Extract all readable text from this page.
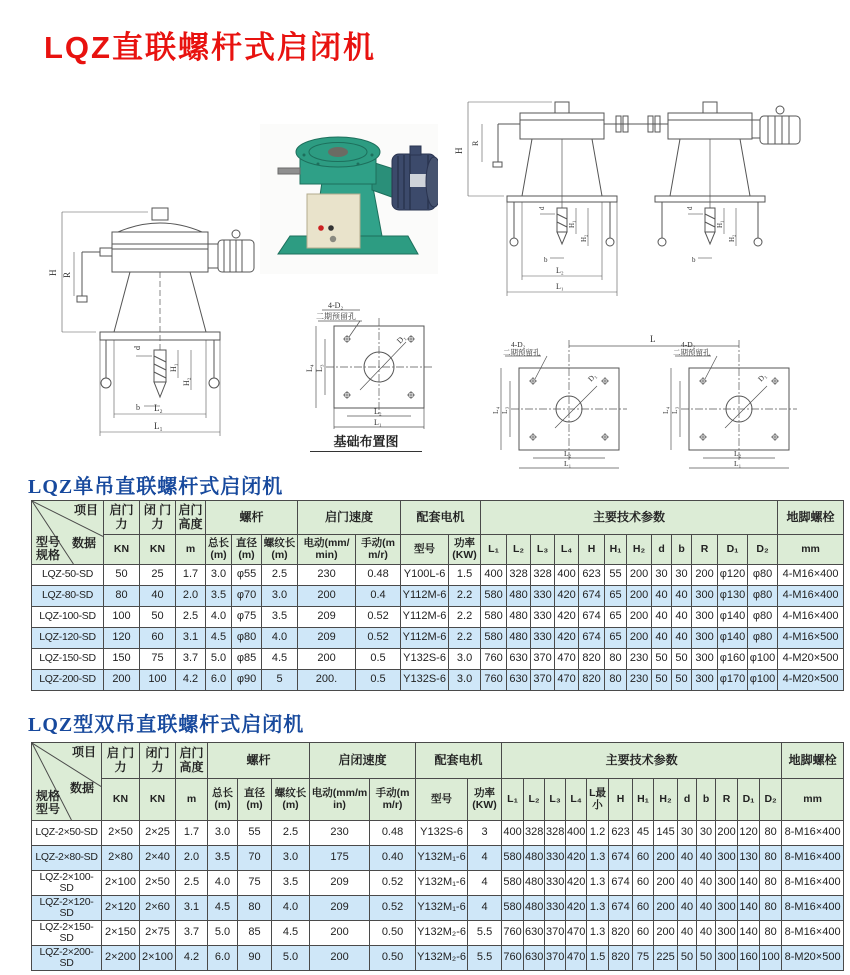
LQZ直联螺杆式启闭机
H R
d
H₁
H₂
b L₂
L₁
H
R
d
H₁
H₂
b
d
H₁
H₂
b
L₂
L₁
4-D₂
二期预留孔
D₁
L₄ L₃
L₂
L₁
基础布置图
L
4-D₂
二期预留孔
4-D₂
二期预留孔
D₁	D₁
L₄ L₃	L₄ L₃
L₂
L₁
L₂
L₁
LQZ单吊直联螺杆式启闭机
项目
数据
型号
规格	启门力	闭 门 力	启门高度	螺杆			启门速度		配套电机		主要技术参数												地脚螺栓
	KN	KN	m	总长(m)	直径(m)	螺纹长(m)	电动(mm/min)	手动(mm/r)	型号	功率(KW)	L₁	L₂	L₃	L₄	H	H₁	H₂	d	b	R	D₁	D₂	mm
LQZ-50-SD	50	25	1.7	3.0	φ55	2.5	230	0.48	Y100L-6	1.5	400	328	328	400	623	55	200	30	30	200	φ120	φ80	4-M16×400
LQZ-80-SD	80	40	2.0	3.5	φ70	3.0	200	0.4	Y112M-6	2.2	580	480	330	420	674	65	200	40	40	300	φ130	φ80	4-M16×400
LQZ-100-SD	100	50	2.5	4.0	φ75	3.5	209	0.52	Y112M-6	2.2	580	480	330	420	674	65	200	40	40	300	φ140	φ80	4-M16×400
LQZ-120-SD	120	60	3.1	4.5	φ80	4.0	209	0.52	Y112M-6	2.2	580	480	330	420	674	65	200	40	40	300	φ140	φ80	4-M16×500
LQZ-150-SD	150	75	3.7	5.0	φ85	4.5	200	0.5	Y132S-6	3.0	760	630	370	470	820	80	230	50	50	300	φ160	φ100	4-M20×500
LQZ-200-SD	200	100	4.2	6.0	φ90	5	200.	0.5	Y132S-6	3.0	760	630	370	470	820	80	230	50	50	300	φ170	φ100	4-M20×500
LQZ型双吊直联螺杆式启闭机
项目
数据
规格
型号	启 门 力	闭门力	启门高度	螺杆			启闭速度		配套电机		主要技术参数													地脚螺栓
	KN	KN	m	总长(m)	直径(m)	螺纹长(m)	电动(mm/min)	手动(mm/r)	型号	功率(KW)	L₁	L₂	L₃	L₄	L最小	H	H₁	H₂	d	b	R	D₁	D₂	mm
LQZ-2×50-SD	2×50	2×25	1.7	3.0	55	2.5	230	0.48	Y132S-6	3	400	328	328	400	1.2	623	45	145	30	30	200	120	80	8-M16×400
LQZ-2×80-SD	2×80	2×40	2.0	3.5	70	3.0	175	0.40	Y132M₁-6	4	580	480	330	420	1.3	674	60	200	40	40	300	130	80	8-M16×400
LQZ-2×100-SD	2×100	2×50	2.5	4.0	75	3.5	209	0.52	Y132M₁-6	4	580	480	330	420	1.3	674	60	200	40	40	300	140	80	8-M16×400
LQZ-2×120-SD	2×120	2×60	3.1	4.5	80	4.0	209	0.52	Y132M₁-6	4	580	480	330	420	1.3	674	60	200	40	40	300	140	80	8-M16×400
LQZ-2×150-SD	2×150	2×75	3.7	5.0	85	4.5	200	0.50	Y132M₂-6	5.5	760	630	370	470	1.3	820	60	200	40	40	300	140	80	8-M16×400
LQZ-2×200-SD	2×200	2×100	4.2	6.0	90	5.0	200	0.50	Y132M₂-6	5.5	760	630	370	470	1.5	820	75	225	50	50	300	160	100	8-M20×500
